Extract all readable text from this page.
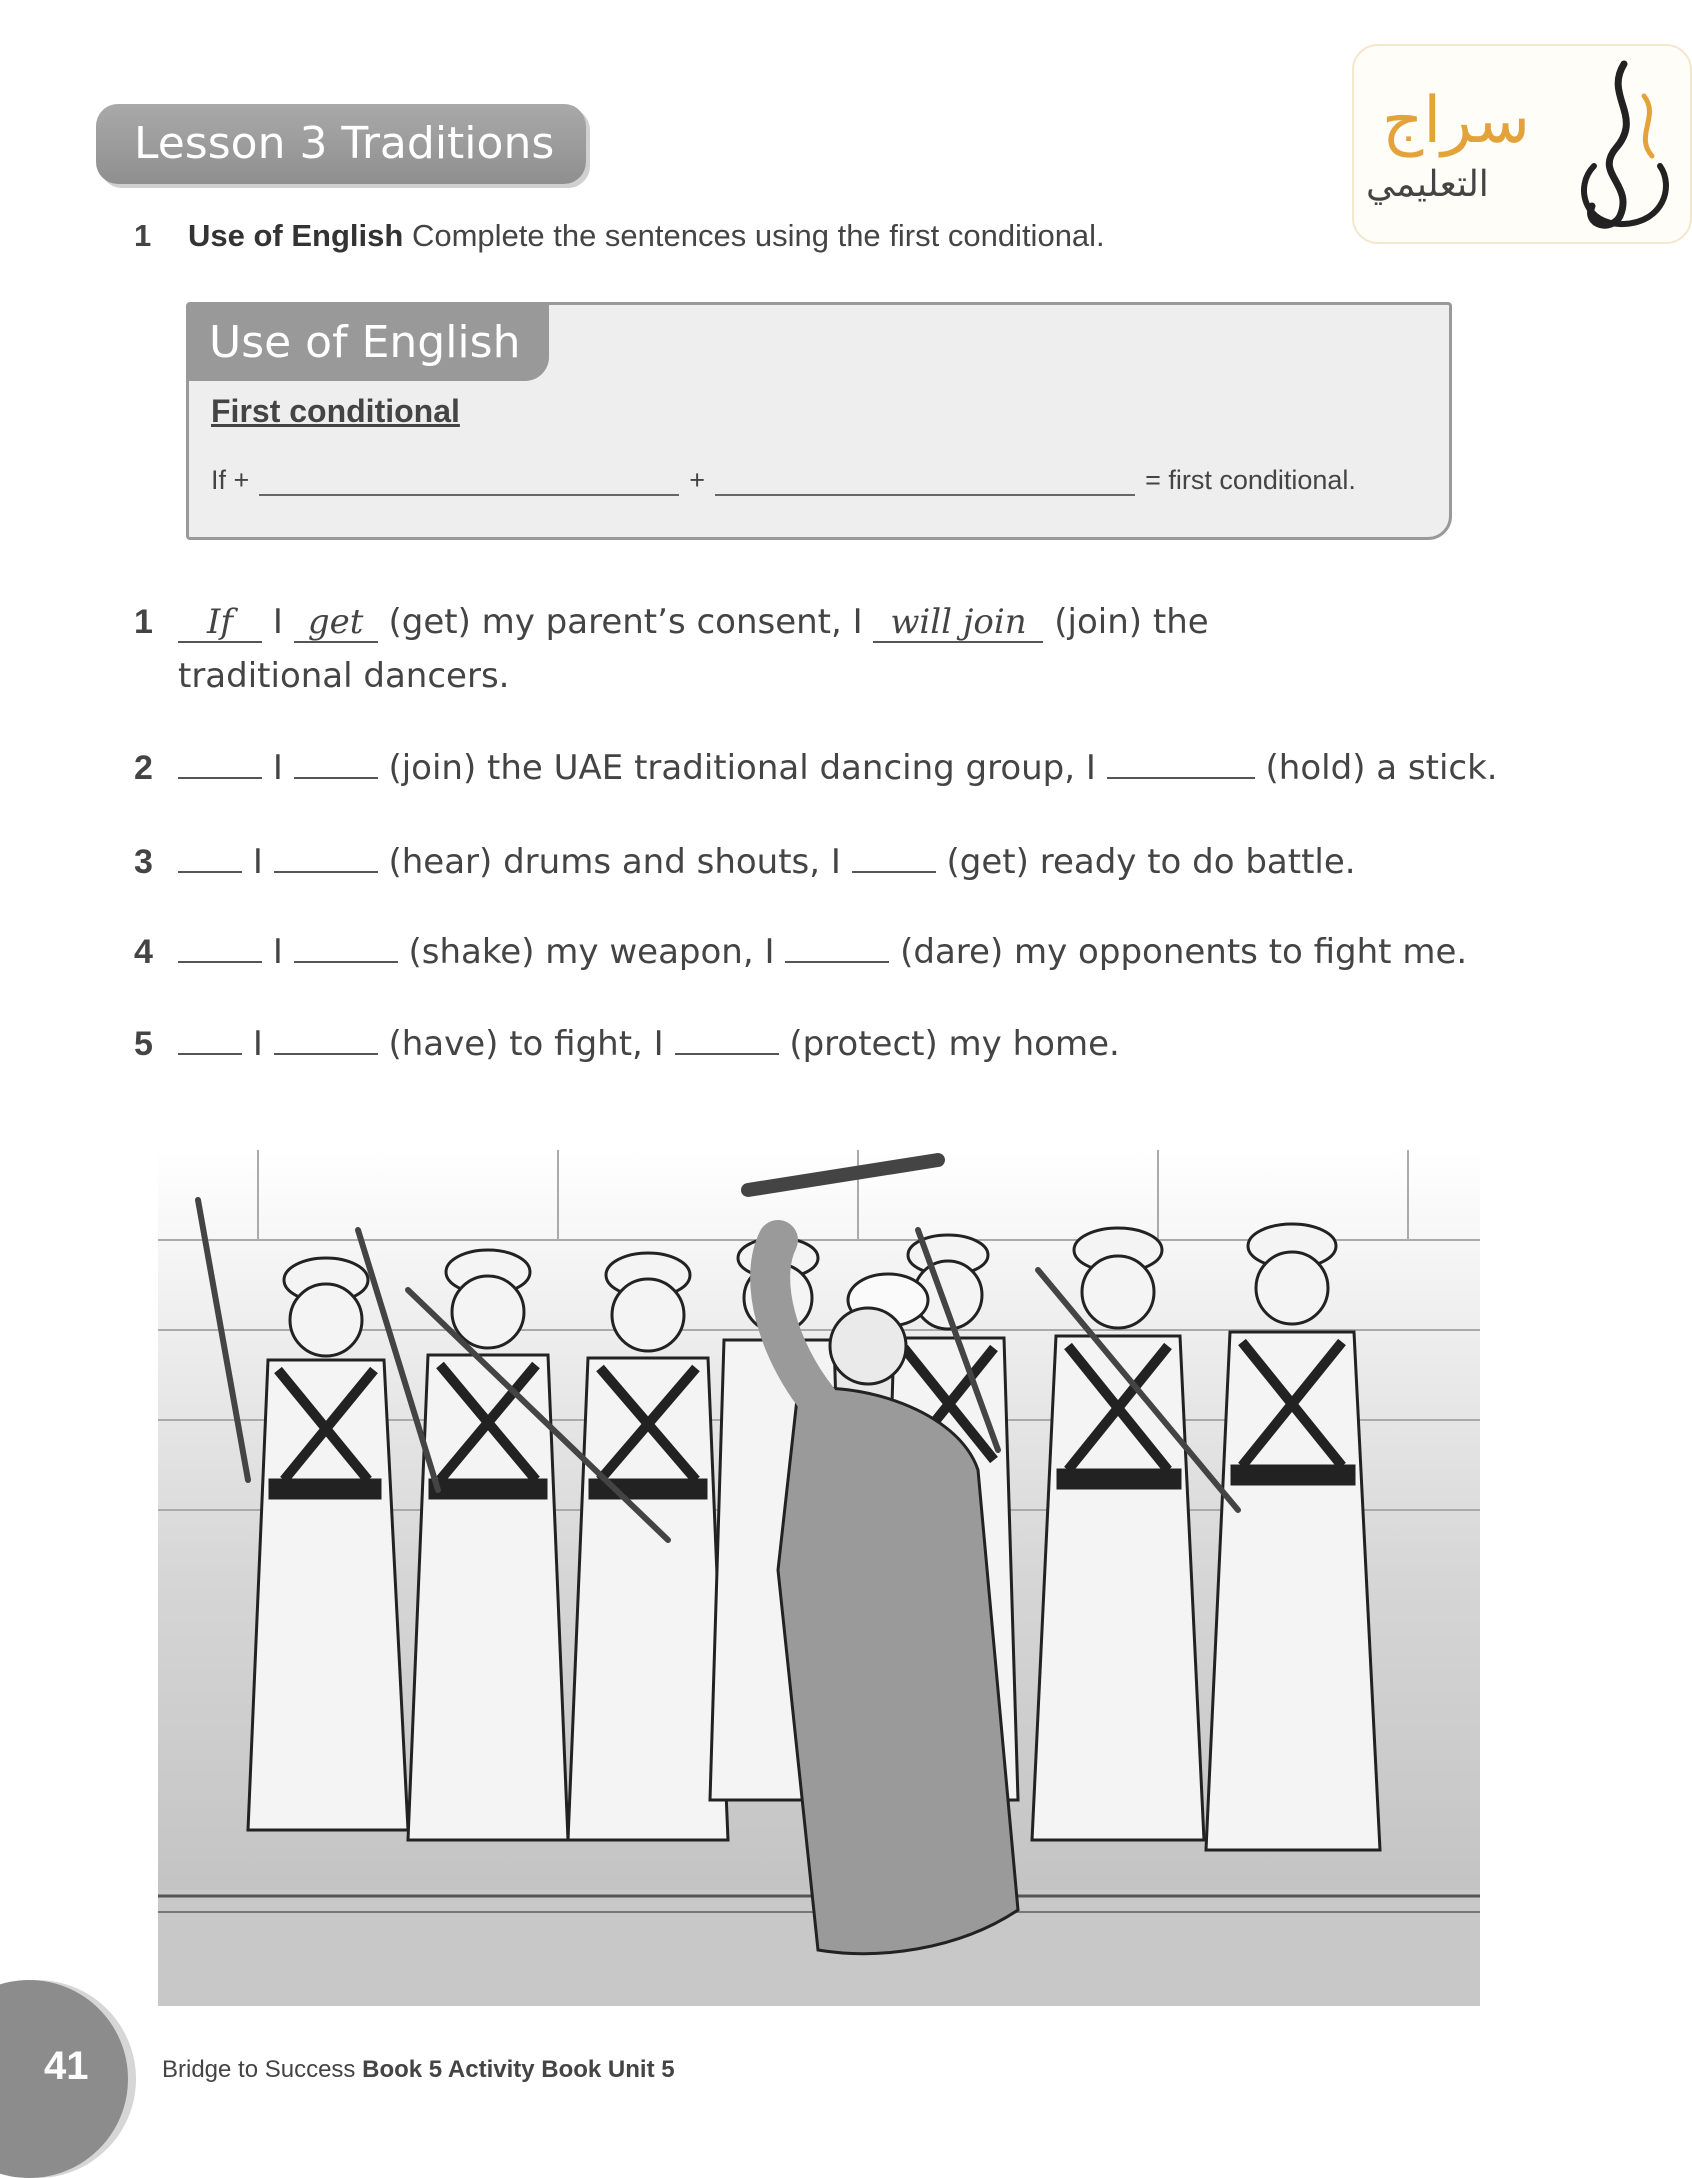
Lesson 3 Traditions	سراج
التعليمي
1 Use of English Complete the sentences using the first conditional.
Use of English
First conditional
If +	+	= first conditional.
1 If I get (get) my parent’s consent, I will join (join) the
traditional dancers.
2	I	(join) the UAE traditional dancing group, I	(hold) a stick.
3	I	(hear) drums and shouts, I	(get) ready to do battle.
4	I	(shake) my weapon, I	(dare) my opponents to fight me.
5	I	(have) to fight, I	(protect) my home.
41	Bridge to Success Book 5 Activity Book Unit 5
